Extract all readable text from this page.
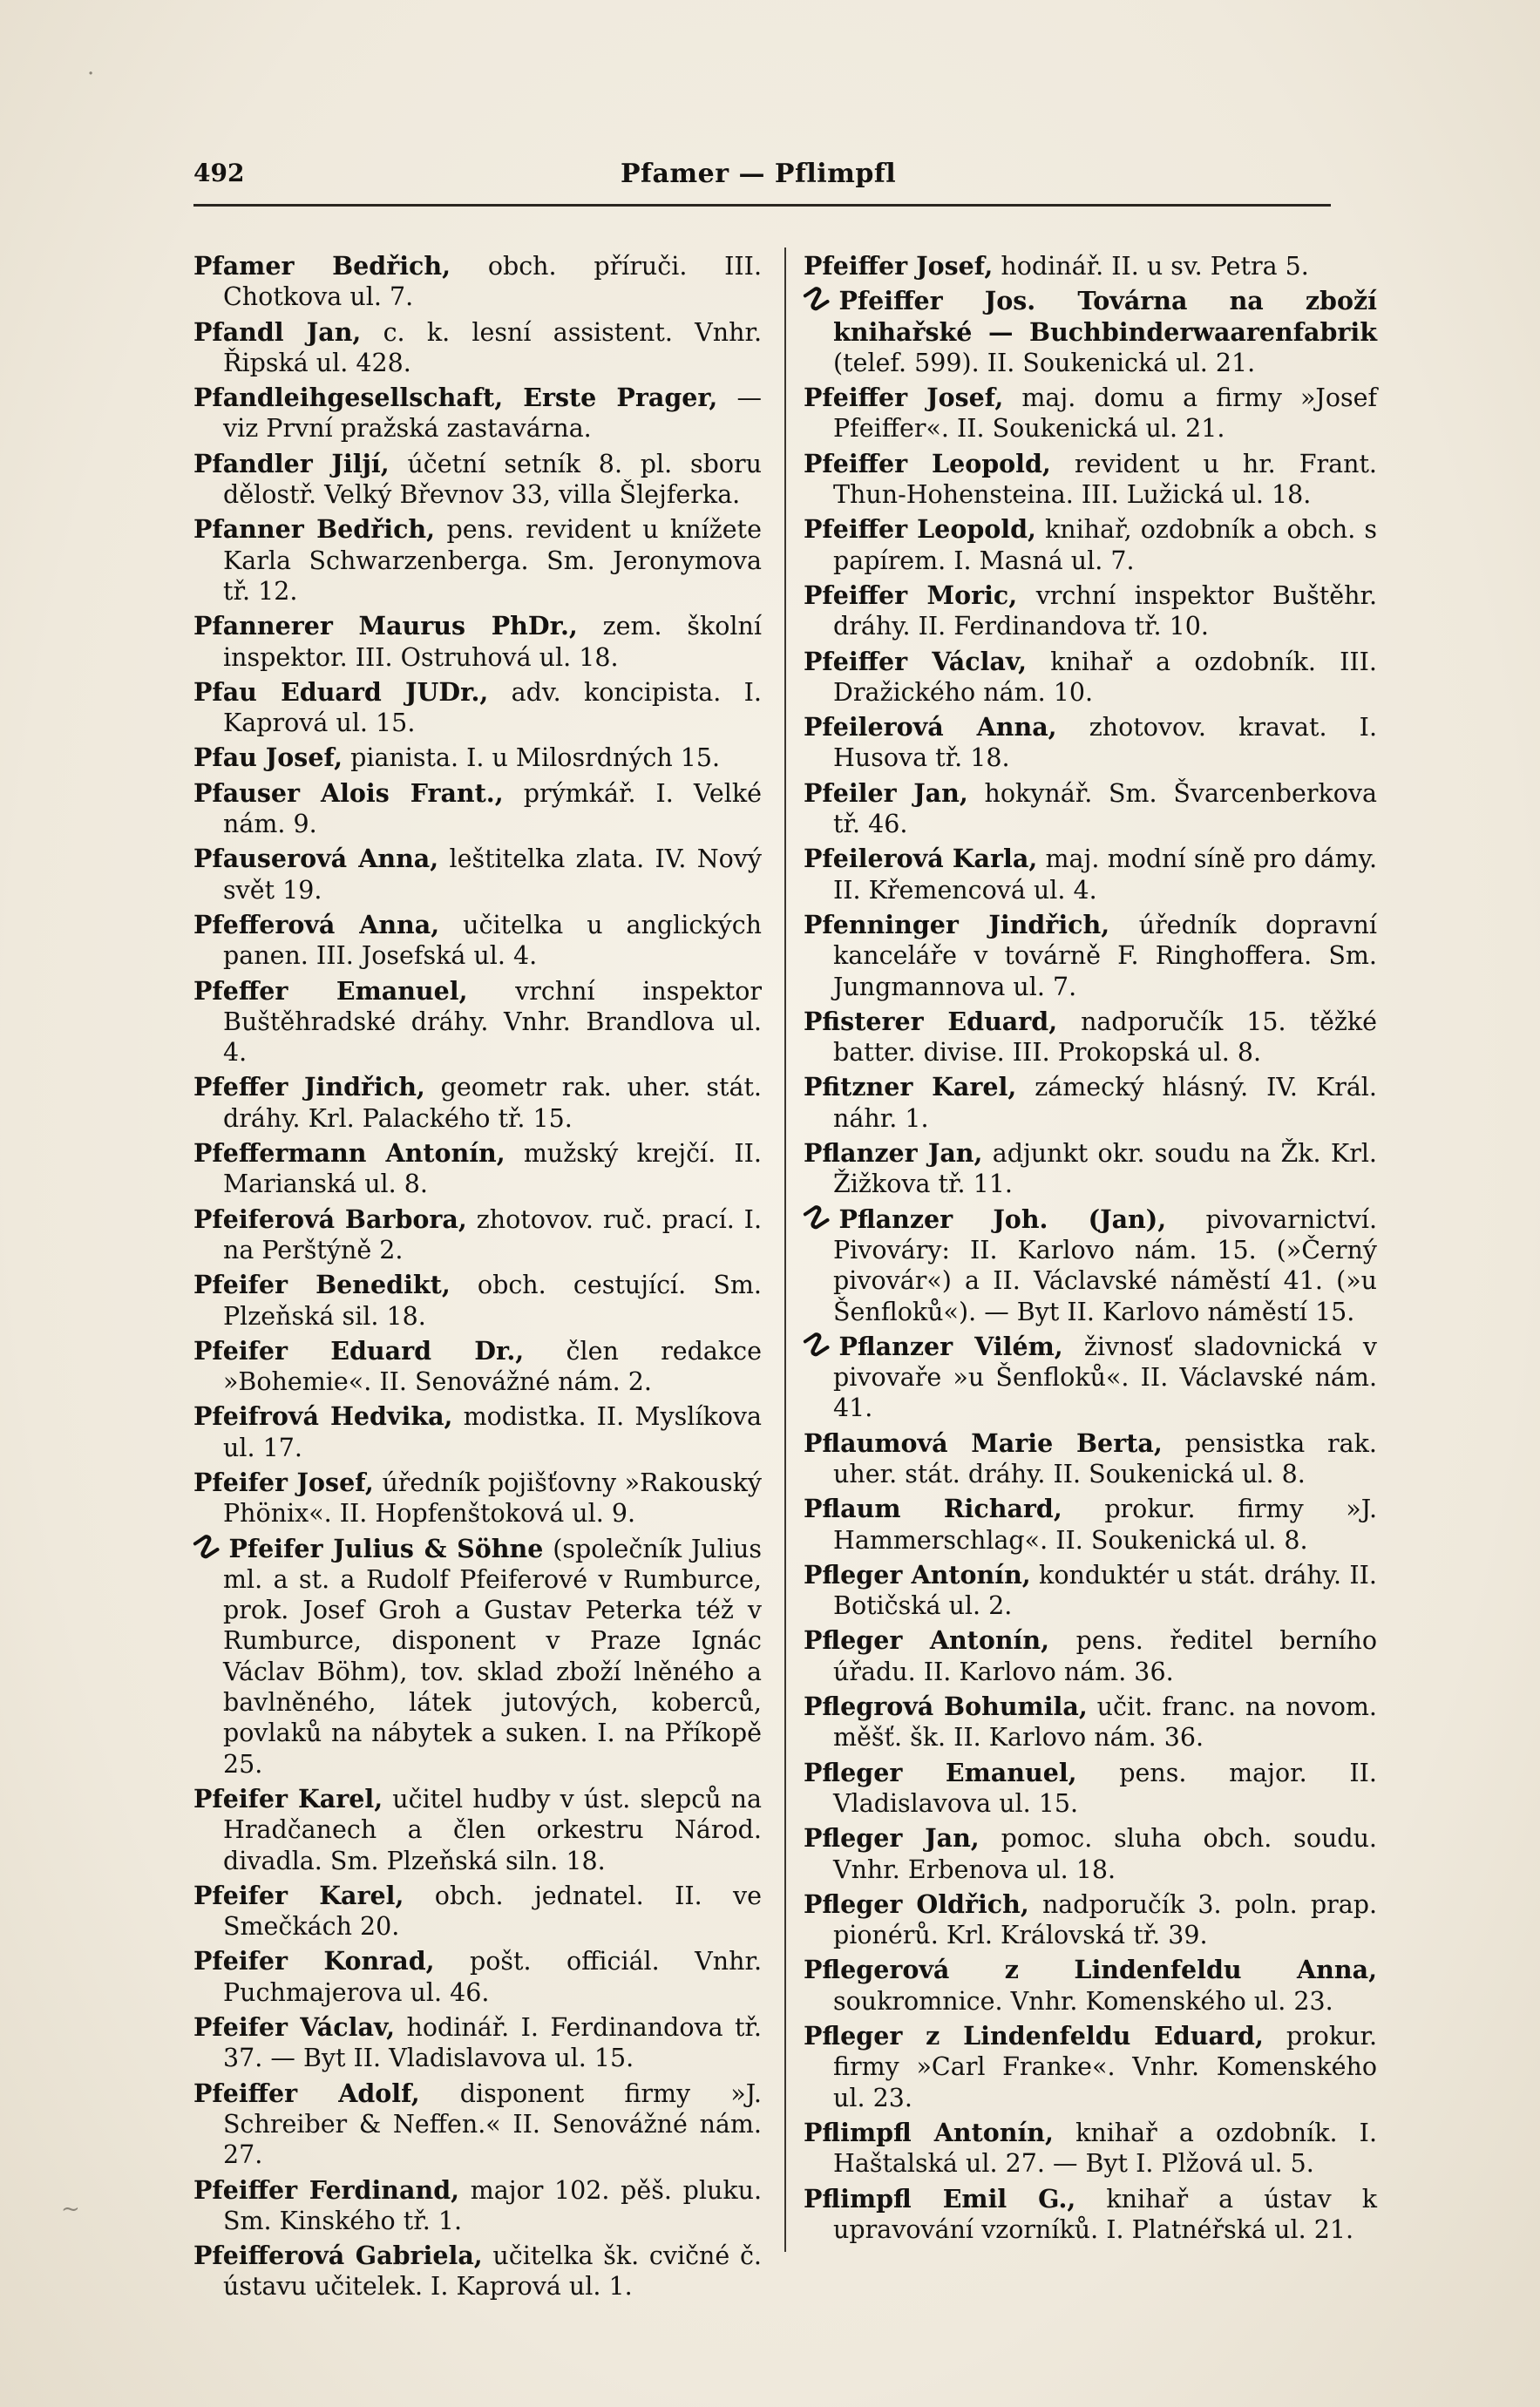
492	Pfamer — Pflimpfl

Pfamer Bedřich, obch. příruči. III. Chotkova ul. 7.

Pfandl Jan, c. k. lesní assistent. Vnhr. Řipská ul. 428.

Pfandleihgesellschaft, Erste Prager, — viz První pražská zastavárna.

Pfandler Jiljí, účetní setník 8. pl. sboru dělostř. Velký Břevnov 33, villa Šlejferka.

Pfanner Bedřich, pens. revident u knížete Karla Schwarzenberga. Sm. Jeronymova tř. 12.

Pfannerer Maurus PhDr., zem. školní inspektor. III. Ostruhová ul. 18.

Pfau Eduard JUDr., adv. koncipista. I. Kaprová ul. 15.

Pfau Josef, pianista. I. u Milosrdných 15.

Pfauser Alois Frant., prýmkář. I. Velké nám. 9.

Pfauserová Anna, leštitelka zlata. IV. Nový svět 19.

Pfefferová Anna, učitelka u anglických panen. III. Josefská ul. 4.

Pfeffer Emanuel, vrchní inspektor Buštěhradské dráhy. Vnhr. Brandlova ul. 4.

Pfeffer Jindřich, geometr rak. uher. stát. dráhy. Krl. Palackého tř. 15.

Pfeffermann Antonín, mužský krejčí. II. Marianská ul. 8.

Pfeiferová Barbora, zhotovov. ruč. prací. I. na Perštýně 2.

Pfeifer Benedikt, obch. cestující. Sm. Plzeňská sil. 18.

Pfeifer Eduard Dr., člen redakce »Bohemie«. II. Senovážné nám. 2.

Pfeifrová Hedvika, modistka. II. Myslíkova ul. 17.

Pfeifer Josef, úředník pojišťovny »Rakouský Phönix«. II. Hopfenštoková ul. 9.

☡ Pfeifer Julius & Söhne (společník Julius ml. a st. a Rudolf Pfeiferové v Rumburce, prok. Josef Groh a Gustav Peterka též v Rumburce, disponent v Praze Ignác Václav Böhm), tov. sklad zboží lněného a bavlněného, látek jutových, koberců, povlaků na nábytek a suken. I. na Příkopě 25.

Pfeifer Karel, učitel hudby v úst. slepců na Hradčanech a člen orkestru Národ. divadla. Sm. Plzeňská siln. 18.

Pfeifer Karel, obch. jednatel. II. ve Smečkách 20.

Pfeifer Konrad, pošt. officiál. Vnhr. Puchmajerova ul. 46.

Pfeifer Václav, hodinář. I. Ferdinandova tř. 37. — Byt II. Vladislavova ul. 15.

Pfeiffer Adolf, disponent firmy »J. Schreiber & Neffen.« II. Senovážné nám. 27.

Pfeiffer Ferdinand, major 102. pěš. pluku. Sm. Kinského tř. 1.

Pfeifferová Gabriela, učitelka šk. cvičné č. ústavu učitelek. I. Kaprová ul. 1.

Pfeiffer Josef, hodinář. II. u sv. Petra 5.

☡ Pfeiffer Jos. Továrna na zboží knihařské — Buchbinderwaarenfabrik (telef. 599). II. Soukenická ul. 21.

Pfeiffer Josef, maj. domu a firmy »Josef Pfeiffer«. II. Soukenická ul. 21.

Pfeiffer Leopold, revident u hr. Frant. Thun-Hohensteina. III. Lužická ul. 18.

Pfeiffer Leopold, knihař, ozdobník a obch. s papírem. I. Masná ul. 7.

Pfeiffer Moric, vrchní inspektor Buštěhr. dráhy. II. Ferdinandova tř. 10.

Pfeiffer Václav, knihař a ozdobník. III. Dražického nám. 10.

Pfeilerová Anna, zhotovov. kravat. I. Husova tř. 18.

Pfeiler Jan, hokynář. Sm. Švarcenberkova tř. 46.

Pfeilerová Karla, maj. modní síně pro dámy. II. Křemencová ul. 4.

Pfenninger Jindřich, úředník dopravní kanceláře v továrně F. Ringhoffera. Sm. Jungmannova ul. 7.

Pfisterer Eduard, nadporučík 15. těžké batter. divise. III. Prokopská ul. 8.

Pfitzner Karel, zámecký hlásný. IV. Král. náhr. 1.

Pflanzer Jan, adjunkt okr. soudu na Žk. Krl. Žižkova tř. 11.

☡ Pflanzer Joh. (Jan), pivovarnictví. Pivováry: II. Karlovo nám. 15. (»Černý pivovár«) a II. Václavské náměstí 41. (»u Šenfloků«). — Byt II. Karlovo náměstí 15.

☡ Pflanzer Vilém, živnosť sladovnická v pivovaře »u Šenfloků«. II. Václavské nám. 41.

Pflaumová Marie Berta, pensistka rak. uher. stát. dráhy. II. Soukenická ul. 8.

Pflaum Richard, prokur. firmy »J. Hammerschlag«. II. Soukenická ul. 8.

Pfleger Antonín, konduktér u stát. dráhy. II. Botičská ul. 2.

Pfleger Antonín, pens. ředitel berního úřadu. II. Karlovo nám. 36.

Pflegrová Bohumila, učit. franc. na novom. měšť. šk. II. Karlovo nám. 36.

Pfleger Emanuel, pens. major. II. Vladislavova ul. 15.

Pfleger Jan, pomoc. sluha obch. soudu. Vnhr. Erbenova ul. 18.

Pfleger Oldřich, nadporučík 3. poln. prap. pionérů. Krl. Královská tř. 39.

Pflegerová z Lindenfeldu Anna, soukromnice. Vnhr. Komenského ul. 23.

Pfleger z Lindenfeldu Eduard, prokur. firmy »Carl Franke«. Vnhr. Komenského ul. 23.

Pflimpfl Antonín, knihař a ozdobník. I. Haštalská ul. 27. — Byt I. Plžová ul. 5.

Pflimpfl Emil G., knihař a ústav k upravování vzorníků. I. Platnéřská ul. 21.

·
~
